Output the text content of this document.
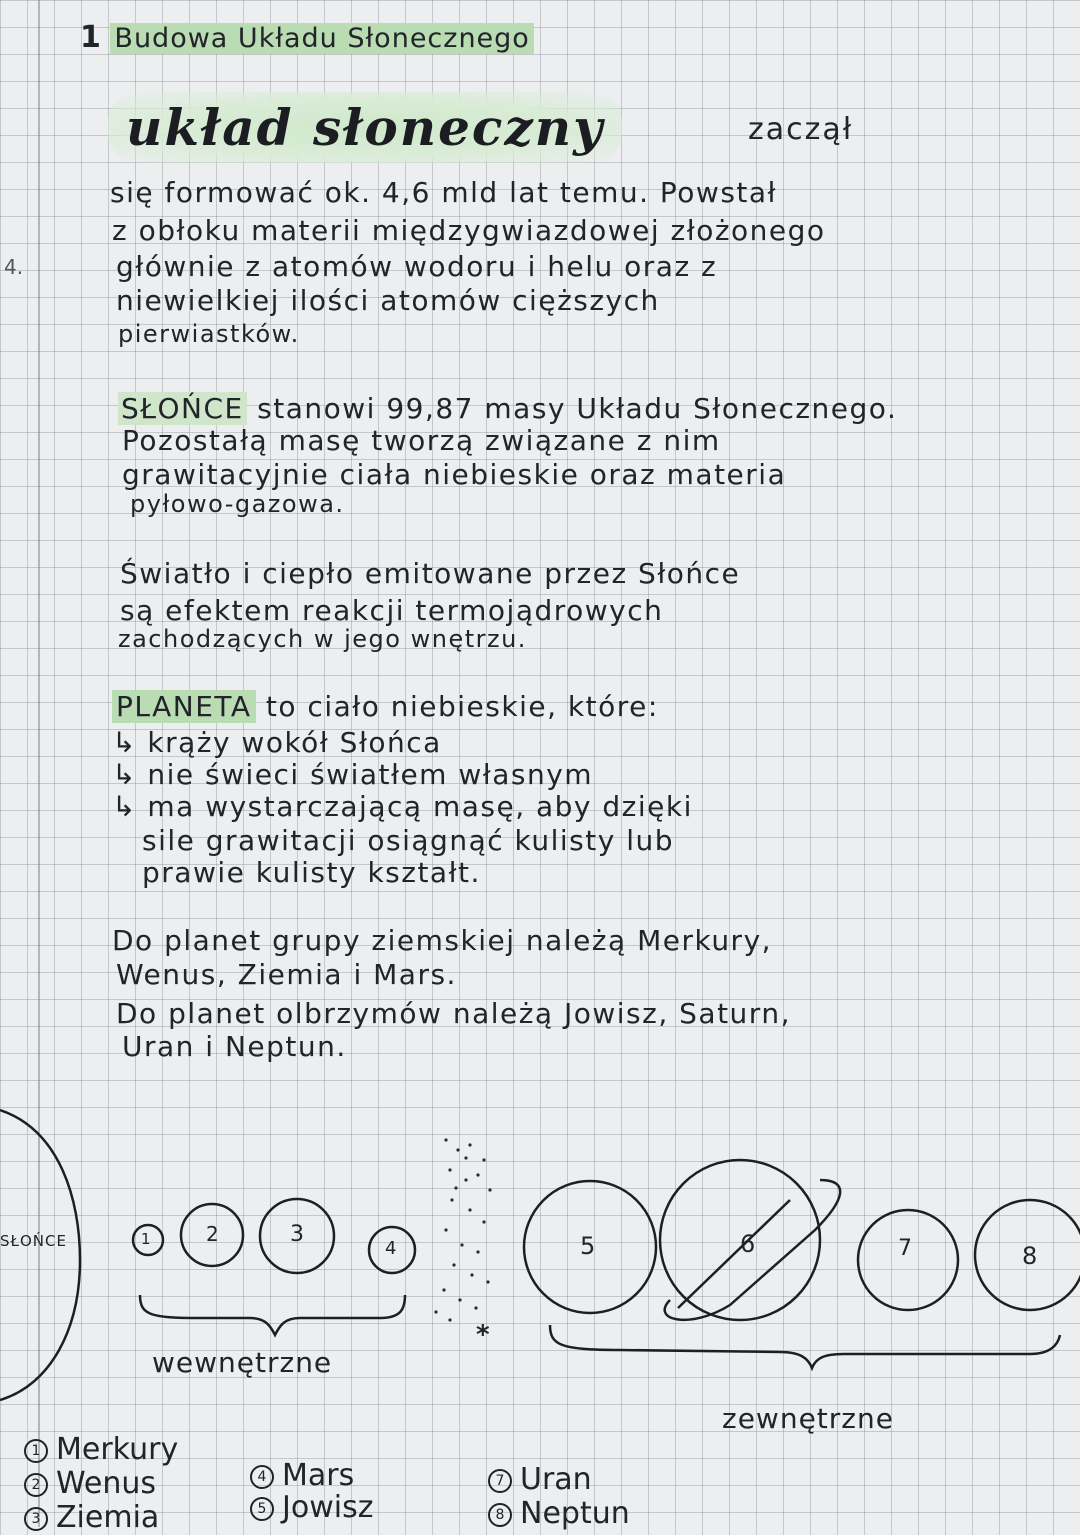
1 Budowa Układu Słonecznego
4.
układ słoneczny	zaczął
się formować ok. 4,6 mld lat temu. Powstał
z obłoku materii międzygwiazdowej złożonego
głównie z atomów wodoru i helu oraz z
niewielkiej ilości atomów cięższych
pierwiastków.
SŁOŃCE stanowi 99,87 masy Układu Słonecznego.
Pozostałą masę tworzą związane z nim
grawitacyjnie ciała niebieskie oraz materia
pyłowo-gazowa.
Światło i ciepło emitowane przez Słońce
są efektem reakcji termojądrowych
zachodzących w jego wnętrzu.
PLANETA to ciało niebieskie, które:
↳ krąży wokół Słońca
↳ nie świeci światłem własnym
↳ ma wystarczającą masę, aby dzięki
sile grawitacji osiągnąć kulisty lub
prawie kulisty kształt.
Do planet grupy ziemskiej należą Merkury,
Wenus, Ziemia i Mars.
Do planet olbrzymów należą Jowisz, Saturn,
Uran i Neptun.
SŁOŃCE	1	2	3
4	5	6	7	8
*
wewnętrzne
zewnętrzne
1 Merkury
2 Wenus
3 Ziemia
4 Mars
5 Jowisz
7 Uran
8 Neptun
